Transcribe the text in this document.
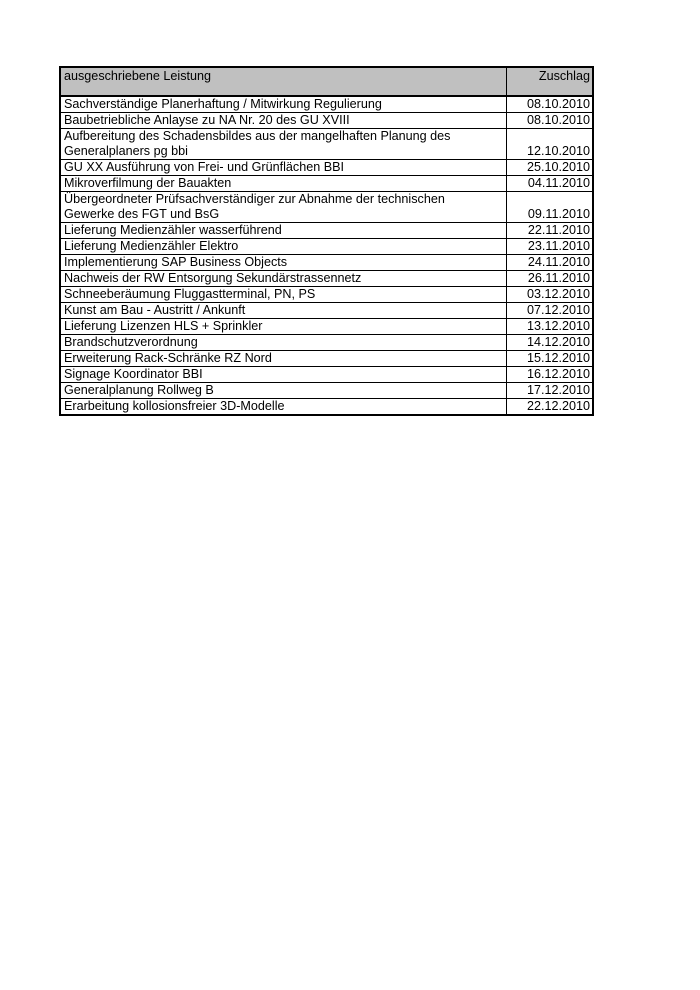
ausgeschriebene Leistung	Zuschlag

Sachverständige Planerhaftung / Mitwirkung Regulierung	08.10.2010

Baubetriebliche Anlayse zu NA Nr. 20 des GU XVIII	08.10.2010

Aufbereitung des Schadensbildes aus der mangelhaften Planung des
Generalplaners pg bbi	12.10.2010

GU XX Ausführung von Frei- und Grünflächen BBI	25.10.2010

Mikroverfilmung der Bauakten	04.11.2010

Übergeordneter Prüfsachverständiger zur Abnahme der technischen
Gewerke des FGT und BsG	09.11.2010

Lieferung Medienzähler wasserführend	22.11.2010

Lieferung Medienzähler Elektro	23.11.2010

Implementierung SAP Business Objects	24.11.2010

Nachweis der RW Entsorgung Sekundärstrassennetz	26.11.2010

Schneeberäumung Fluggastterminal, PN, PS	03.12.2010

Kunst am Bau - Austritt / Ankunft	07.12.2010

Lieferung Lizenzen HLS + Sprinkler	13.12.2010

Brandschutzverordnung	14.12.2010

Erweiterung Rack-Schränke RZ Nord	15.12.2010

Signage Koordinator BBI	16.12.2010

Generalplanung Rollweg B	17.12.2010

Erarbeitung kollosionsfreier 3D-Modelle	22.12.2010
